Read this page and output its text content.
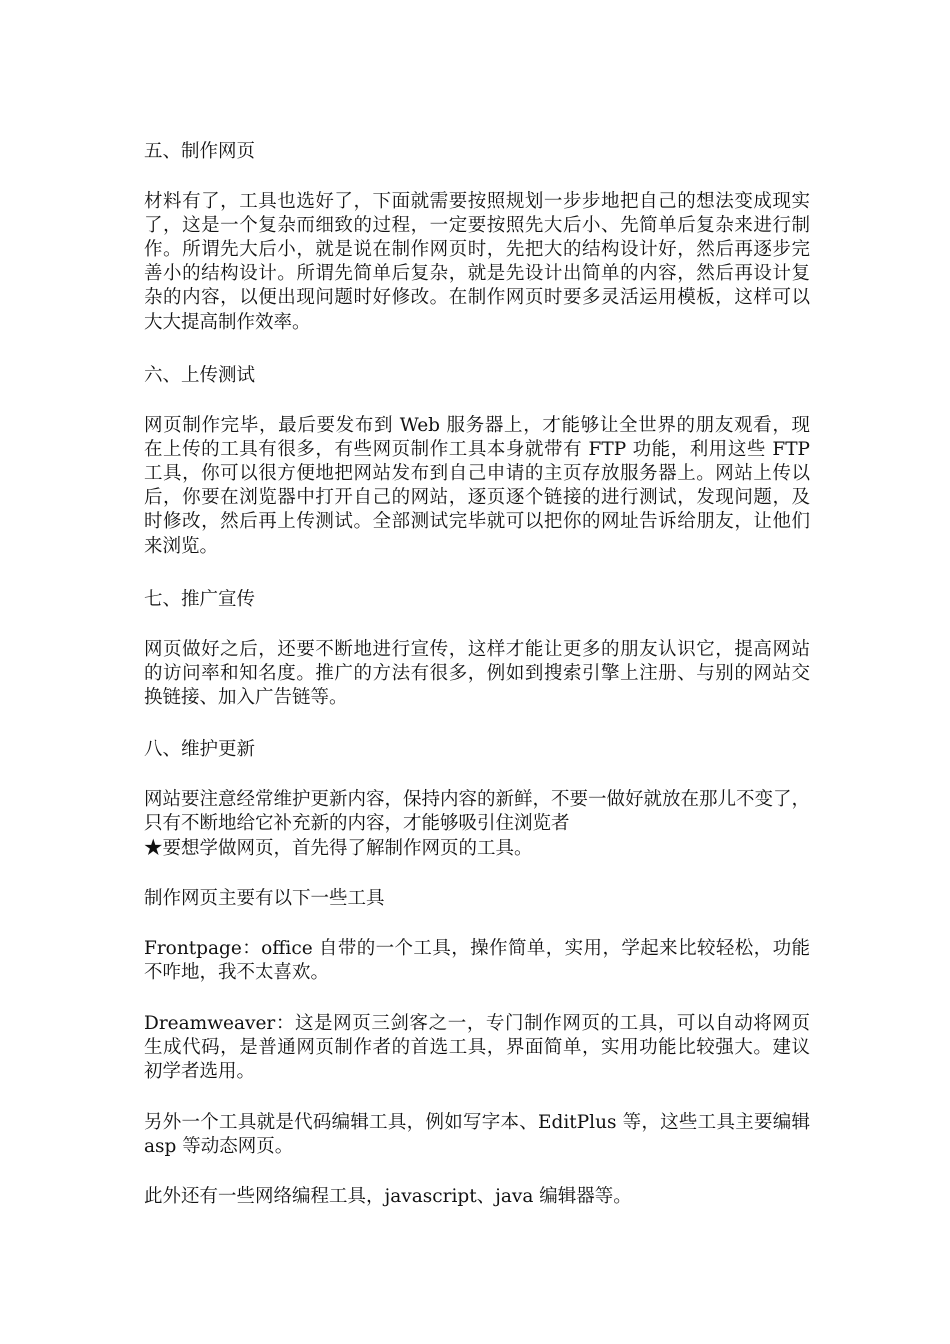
五、制作网页
材料有了，工具也选好了，下面就需要按照规划一步步地把自己的想法变成现实
了，这是一个复杂而细致的过程，一定要按照先大后小、先简单后复杂来进行制
作。所谓先大后小，就是说在制作网页时，先把大的结构设计好，然后再逐步完
善小的结构设计。所谓先简单后复杂，就是先设计出简单的内容，然后再设计复
杂的内容，以便出现问题时好修改。在制作网页时要多灵活运用模板，这样可以
大大提高制作效率。
六、上传测试
网页制作完毕，最后要发布到 Web 服务器上，才能够让全世界的朋友观看，现
在上传的工具有很多，有些网页制作工具本身就带有 FTP 功能，利用这些 FTP
工具，你可以很方便地把网站发布到自己申请的主页存放服务器上。网站上传以
后，你要在浏览器中打开自己的网站，逐页逐个链接的进行测试，发现问题，及
时修改，然后再上传测试。全部测试完毕就可以把你的网址告诉给朋友，让他们
来浏览。
七、推广宣传
网页做好之后，还要不断地进行宣传，这样才能让更多的朋友认识它，提高网站
的访问率和知名度。推广的方法有很多，例如到搜索引擎上注册、与别的网站交
换链接、加入广告链等。
八、维护更新
网站要注意经常维护更新内容，保持内容的新鲜，不要一做好就放在那儿不变了，
只有不断地给它补充新的内容，才能够吸引住浏览者
★要想学做网页，首先得了解制作网页的工具。
制作网页主要有以下一些工具
Frontpage：office 自带的一个工具，操作简单，实用，学起来比较轻松，功能
不咋地，我不太喜欢。
Dreamweaver：这是网页三剑客之一，专门制作网页的工具，可以自动将网页
生成代码，是普通网页制作者的首选工具，界面简单，实用功能比较强大。建议
初学者选用。
另外一个工具就是代码编辑工具，例如写字本、EditPlus 等，这些工具主要编辑
asp 等动态网页。
此外还有一些网络编程工具，javascript、java 编辑器等。
